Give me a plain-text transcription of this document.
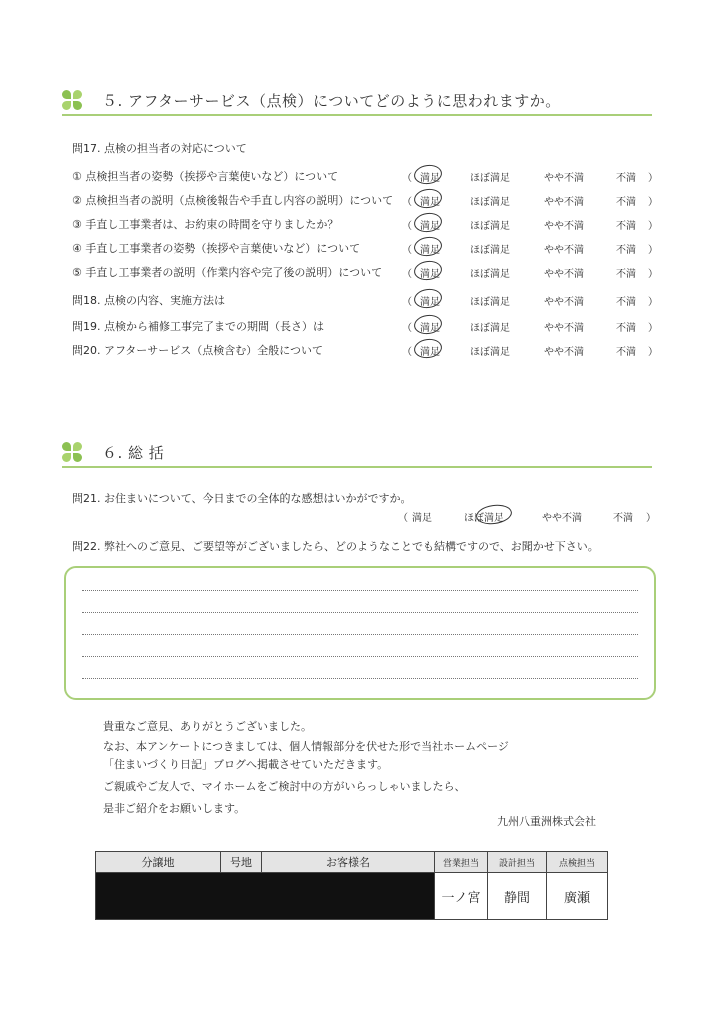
５. アフターサービス（点検）についてどのように思われますか。
問17. 点検の担当者の対応について
① 点検担当者の姿勢（挨拶や言葉使いなど）について	（ 満足	ほぼ満足	やや不満	不満 ）
② 点検担当者の説明（点検後報告や手直し内容の説明）について （ 満足	ほぼ満足	やや不満	不満 ）
③ 手直し工事業者は、お約束の時間を守りましたか？	（ 満足	ほぼ満足	やや不満	不満 ）
④ 手直し工事業者の姿勢（挨拶や言葉使いなど）について	（ 満足	ほぼ満足	やや不満	不満 ）
⑤ 手直し工事業者の説明（作業内容や完了後の説明）について （ 満足	ほぼ満足	やや不満	不満 ）
問18. 点検の内容、実施方法は	（ 満足	ほぼ満足	やや不満	不満 ）
問19. 点検から補修工事完了までの期間（長さ）は	（ 満足	ほぼ満足	やや不満	不満 ）
問20. アフターサービス（点検含む）全般について	（ 満足	ほぼ満足	やや不満	不満 ）
６. 総 括
問21. お住まいについて、今日までの全体的な感想はいかがですか。
（ 満足	ほぼ満足	やや不満	不満 ）
問22. 弊社へのご意見、ご要望等がございましたら、どのようなことでも結構ですので、お聞かせ下さい。
貴重なご意見、ありがとうございました。
なお、本アンケートにつきましては、個人情報部分を伏せた形で当社ホームページ
「住まいづくり日記」ブログへ掲載させていただきます。
ご親戚やご友人で、マイホームをご検討中の方がいらっしゃいましたら、
是非ご紹介をお願いします。
九州八重洲株式会社
分譲地	号地	お客様名	営業担当	設計担当	点検担当
			一ノ宮	静間	廣瀬
